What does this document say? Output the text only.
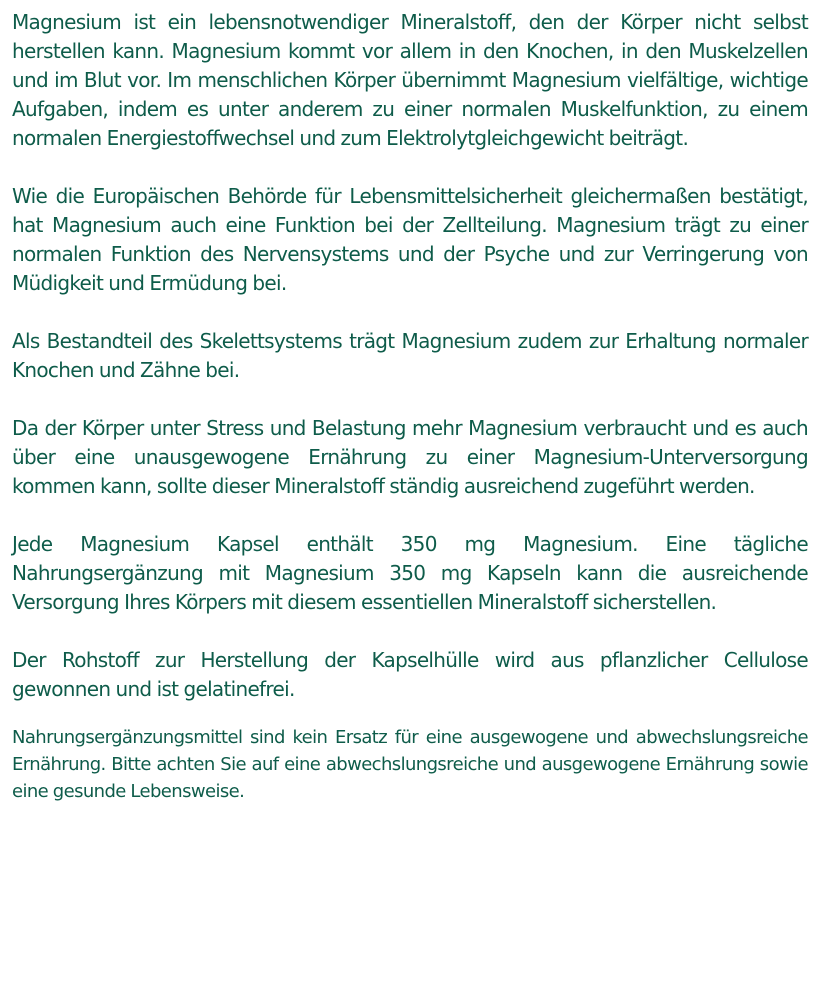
Magnesium ist ein lebensnotwendiger Mineralstoff, den der Körper nicht selbst herstellen kann. Magnesium kommt vor allem in den Knochen, in den Muskelzellen und im Blut vor. Im menschlichen Körper übernimmt Magnesium vielfältige, wichtige Aufgaben, indem es unter anderem zu einer normalen Muskelfunktion, zu einem normalen Energiestoffwechsel und zum Elektrolytgleichgewicht beiträgt.

Wie die Europäischen Behörde für Lebensmittelsicherheit gleichermaßen bestätigt, hat Magnesium auch eine Funktion bei der Zellteilung. Magnesium trägt zu einer normalen Funktion des Nervensystems und der Psyche und zur Verringerung von Müdigkeit und Ermüdung bei.

Als Bestandteil des Skelettsystems trägt Magnesium zudem zur Erhaltung normaler Knochen und Zähne bei.

Da der Körper unter Stress und Belastung mehr Magnesium verbraucht und es auch über eine unausgewogene Ernährung zu einer Magnesium-Unterversorgung kommen kann, sollte dieser Mineralstoff ständig ausreichend zugeführt werden.

Jede Magnesium Kapsel enthält 350 mg Magnesium. Eine tägliche Nahrungsergänzung mit Magnesium 350 mg Kapseln kann die ausreichende Versorgung Ihres Körpers mit diesem essentiellen Mineralstoff sicherstellen.

Der Rohstoff zur Herstellung der Kapselhülle wird aus pflanzlicher Cellulose gewonnen und ist gelatinefrei.

Nahrungsergänzungsmittel sind kein Ersatz für eine ausgewogene und abwechslungsreiche Ernährung. Bitte achten Sie auf eine abwechslungsreiche und ausgewogene Ernährung sowie eine gesunde Lebensweise.
